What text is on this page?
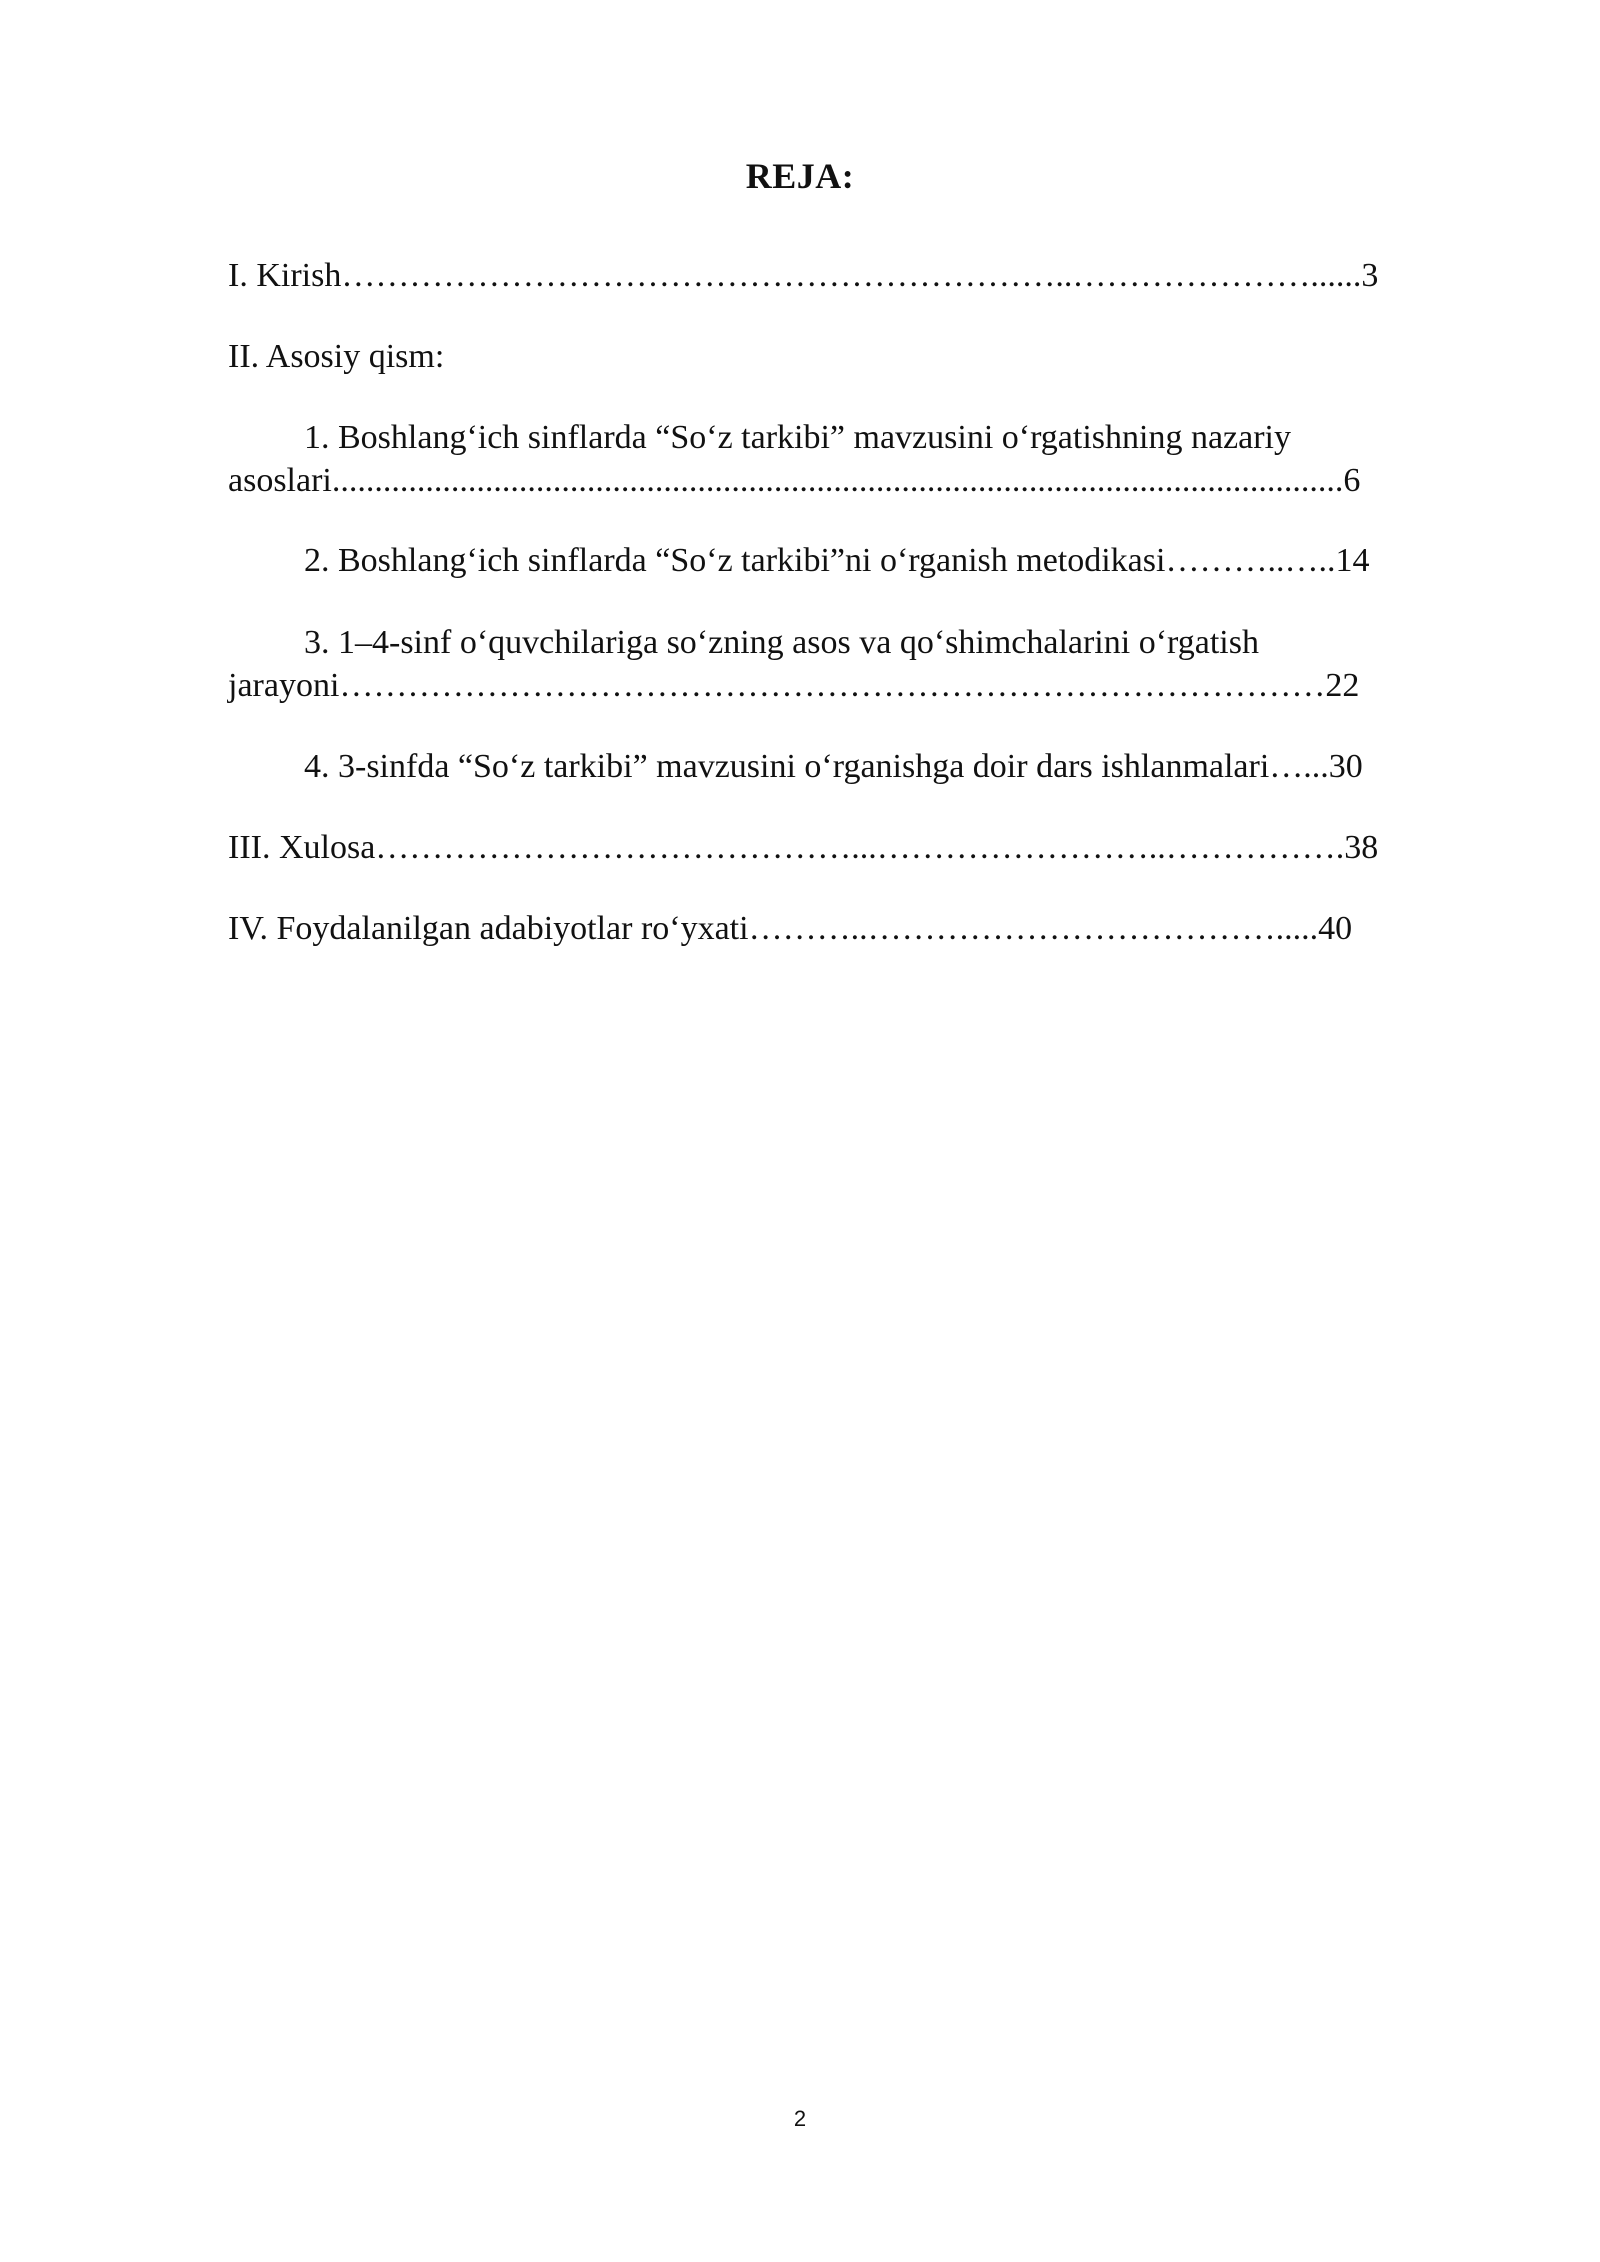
REJA:
I. Kirish………………………………………………………..…………………......3
II. Asosiy qism:
1. Boshlang‘ich sinflarda “So‘z tarkibi” mavzusini o‘rgatishning nazariy
asoslari.......................................................................................................................6
2. Boshlang‘ich sinflarda “So‘z tarkibi”ni o‘rganish metodikasi………..…..14
3. 1–4-sinf o‘quvchilariga so‘zning asos va qo‘shimchalarini o‘rgatish
jarayoni……………………………………………………………………………22
4. 3-sinfda “So‘z tarkibi” mavzusini o‘rganishga doir dars ishlanmalari…...30
III. Xulosa……………………………………...……………………..…………….38
IV. Foydalanilgan adabiyotlar ro‘yxati………..……………………………….....40
2
